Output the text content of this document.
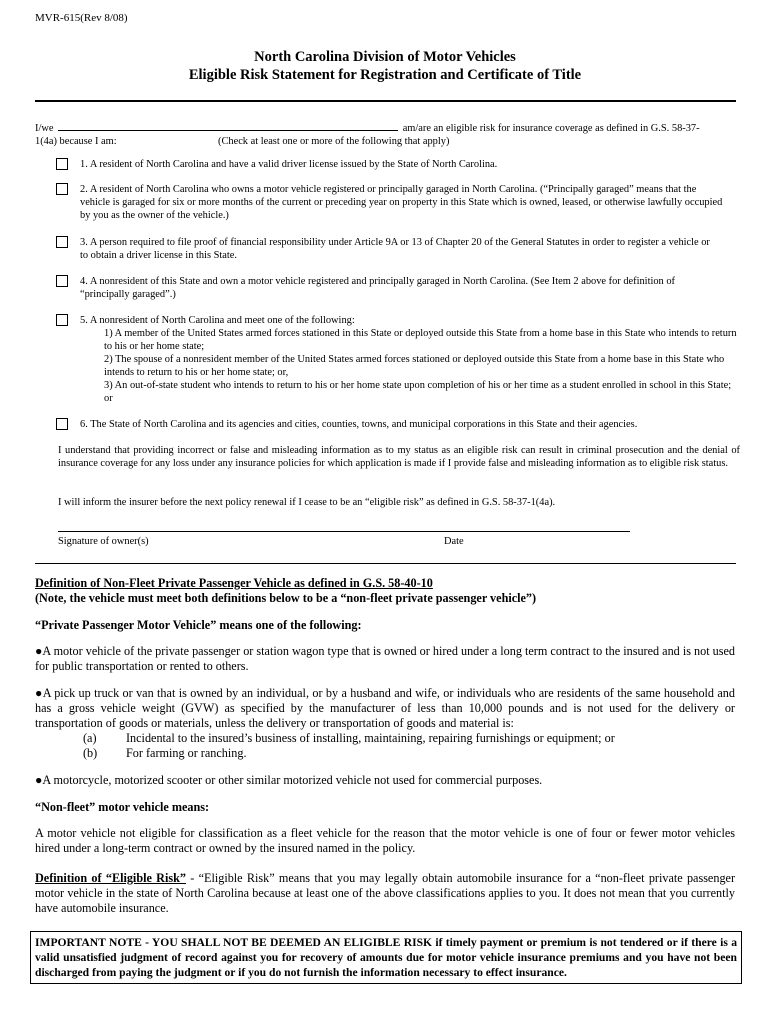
MVR-615(Rev 8/08)
North Carolina Division of Motor Vehicles
Eligible Risk Statement for Registration and Certificate of Title
I/we	am/are an eligible risk for insurance coverage as defined in G.S. 58-37-
1(4a) because I am:	(Check at least one or more of the following that apply)
1. A resident of North Carolina and have a valid driver license issued by the State of North Carolina.
2. A resident of North Carolina who owns a motor vehicle registered or principally garaged in North Carolina. (“Principally garaged” means that the vehicle is garaged for six or more months of the current or preceding year on property in this State which is owned, leased, or otherwise lawfully occupied by you as the owner of the vehicle.)
3. A person required to file proof of financial responsibility under Article 9A or 13 of Chapter 20 of the General Statutes in order to register a vehicle or to obtain a driver license in this State.
4. A nonresident of this State and own a motor vehicle registered and principally garaged in North Carolina. (See Item 2 above for definition of “principally garaged”.)
5. A nonresident of North Carolina and meet one of the following:
1) A member of the United States armed forces stationed in this State or deployed outside this State from a home base in this State who intends to return to his or her home state;
2) The spouse of a nonresident member of the United States armed forces stationed or deployed outside this State from a home base in this State who intends to return to his or her home state; or,
3) An out-of-state student who intends to return to his or her home state upon completion of his or her time as a student enrolled in school in this State; or
6. The State of North Carolina and its agencies and cities, counties, towns, and municipal corporations in this State and their agencies.
I understand that providing incorrect or false and misleading information as to my status as an eligible risk can result in criminal prosecution and the denial of insurance coverage for any loss under any insurance policies for which application is made if I provide false and misleading information as to eligible risk status.
I will inform the insurer before the next policy renewal if I cease to be an “eligible risk” as defined in G.S. 58-37-1(4a).
Signature of owner(s)	Date
Definition of Non-Fleet Private Passenger Vehicle as defined in G.S. 58-40-10
(Note, the vehicle must meet both definitions below to be a “non-fleet private passenger vehicle”)
“Private Passenger Motor Vehicle” means one of the following:
●A motor vehicle of the private passenger or station wagon type that is owned or hired under a long term contract to the insured and is not used for public transportation or rented to others.
●A pick up truck or van that is owned by an individual, or by a husband and wife, or individuals who are residents of the same household and has a gross vehicle weight (GVW) as specified by the manufacturer of less than 10,000 pounds and is not used for the delivery or transportation of goods or materials, unless the delivery or transportation of goods and material is:
(a) Incidental to the insured’s business of installing, maintaining, repairing furnishings or equipment; or
(b) For farming or ranching.
●A motorcycle, motorized scooter or other similar motorized vehicle not used for commercial purposes.
“Non-fleet” motor vehicle means:
A motor vehicle not eligible for classification as a fleet vehicle for the reason that the motor vehicle is one of four or fewer motor vehicles hired under a long-term contract or owned by the insured named in the policy.
Definition of “Eligible Risk” - “Eligible Risk” means that you may legally obtain automobile insurance for a “non-fleet private passenger motor vehicle in the state of North Carolina because at least one of the above classifications applies to you. It does not mean that you currently have automobile insurance.
IMPORTANT NOTE - YOU SHALL NOT BE DEEMED AN ELIGIBLE RISK if timely payment or premium is not tendered or if there is a valid unsatisfied judgment of record against you for recovery of amounts due for motor vehicle insurance premiums and you have not been discharged from paying the judgment or if you do not furnish the information necessary to effect insurance.
